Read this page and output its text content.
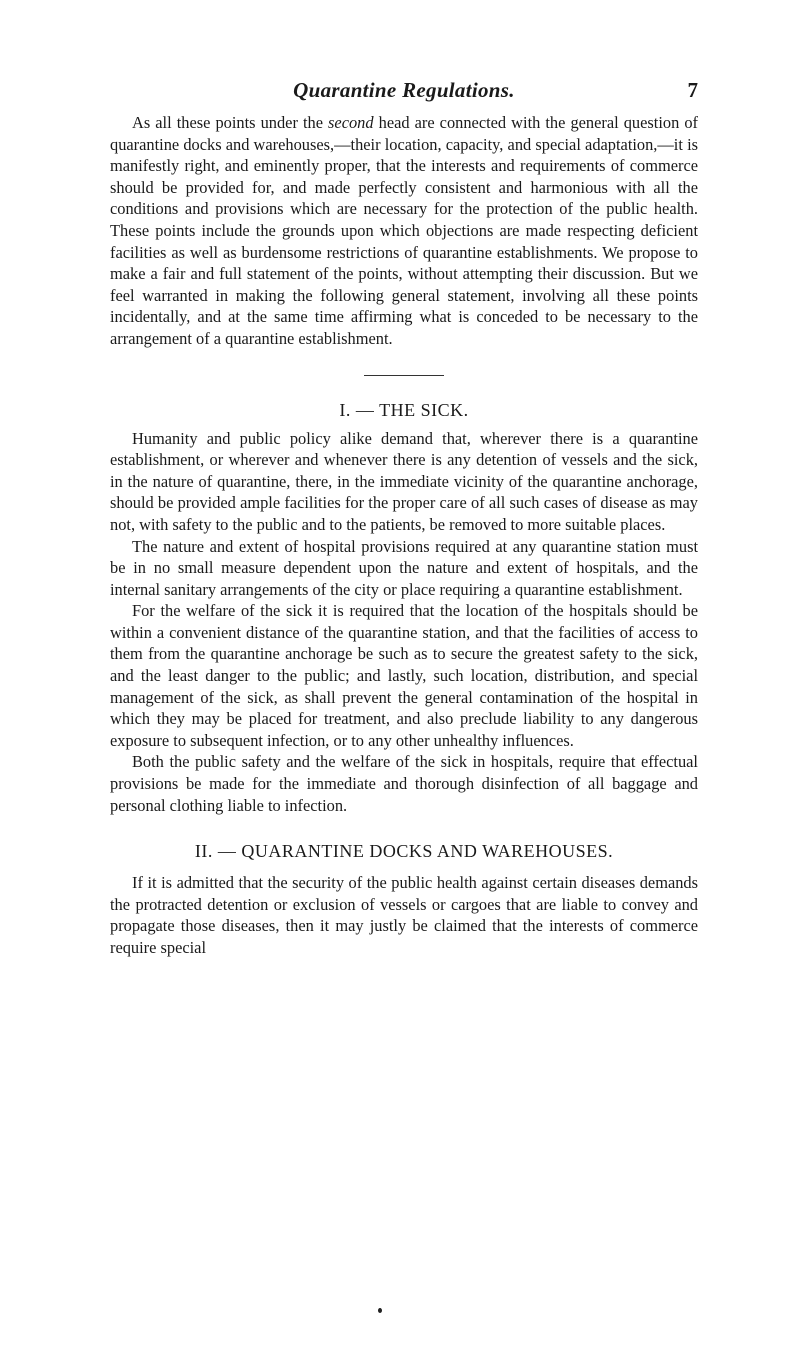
Quarantine Regulations.	7

As all these points under the second head are connected with the general question of quarantine docks and warehouses,—their location, capacity, and special adaptation,—it is manifestly right, and eminently proper, that the interests and requirements of commerce should be provided for, and made perfectly consistent and harmonious with all the conditions and provisions which are necessary for the protection of the public health. These points include the grounds upon which objections are made respecting deficient facilities as well as burdensome restrictions of quarantine establishments. We propose to make a fair and full statement of the points, without attempting their discussion. But we feel warranted in making the following general statement, involving all these points incidentally, and at the same time affirming what is conceded to be necessary to the arrangement of a quarantine establishment.

I. — THE SICK.

Humanity and public policy alike demand that, wherever there is a quarantine establishment, or wherever and whenever there is any detention of vessels and the sick, in the nature of quarantine, there, in the immediate vicinity of the quarantine anchorage, should be provided ample facilities for the proper care of all such cases of disease as may not, with safety to the public and to the patients, be removed to more suitable places.

The nature and extent of hospital provisions required at any quarantine station must be in no small measure dependent upon the nature and extent of hospitals, and the internal sanitary arrangements of the city or place requiring a quarantine establishment.

For the welfare of the sick it is required that the location of the hospitals should be within a convenient distance of the quarantine station, and that the facilities of access to them from the quarantine anchorage be such as to secure the greatest safety to the sick, and the least danger to the public; and lastly, such location, distribution, and special management of the sick, as shall prevent the general contamination of the hospital in which they may be placed for treatment, and also preclude liability to any dangerous exposure to subsequent infection, or to any other unhealthy influences.

Both the public safety and the welfare of the sick in hospitals, require that effectual provisions be made for the immediate and thorough disinfection of all baggage and personal clothing liable to infection.

II. — QUARANTINE DOCKS AND WAREHOUSES.

If it is admitted that the security of the public health against certain diseases demands the protracted detention or exclusion of vessels or cargoes that are liable to convey and propagate those diseases, then it may justly be claimed that the interests of commerce require special
